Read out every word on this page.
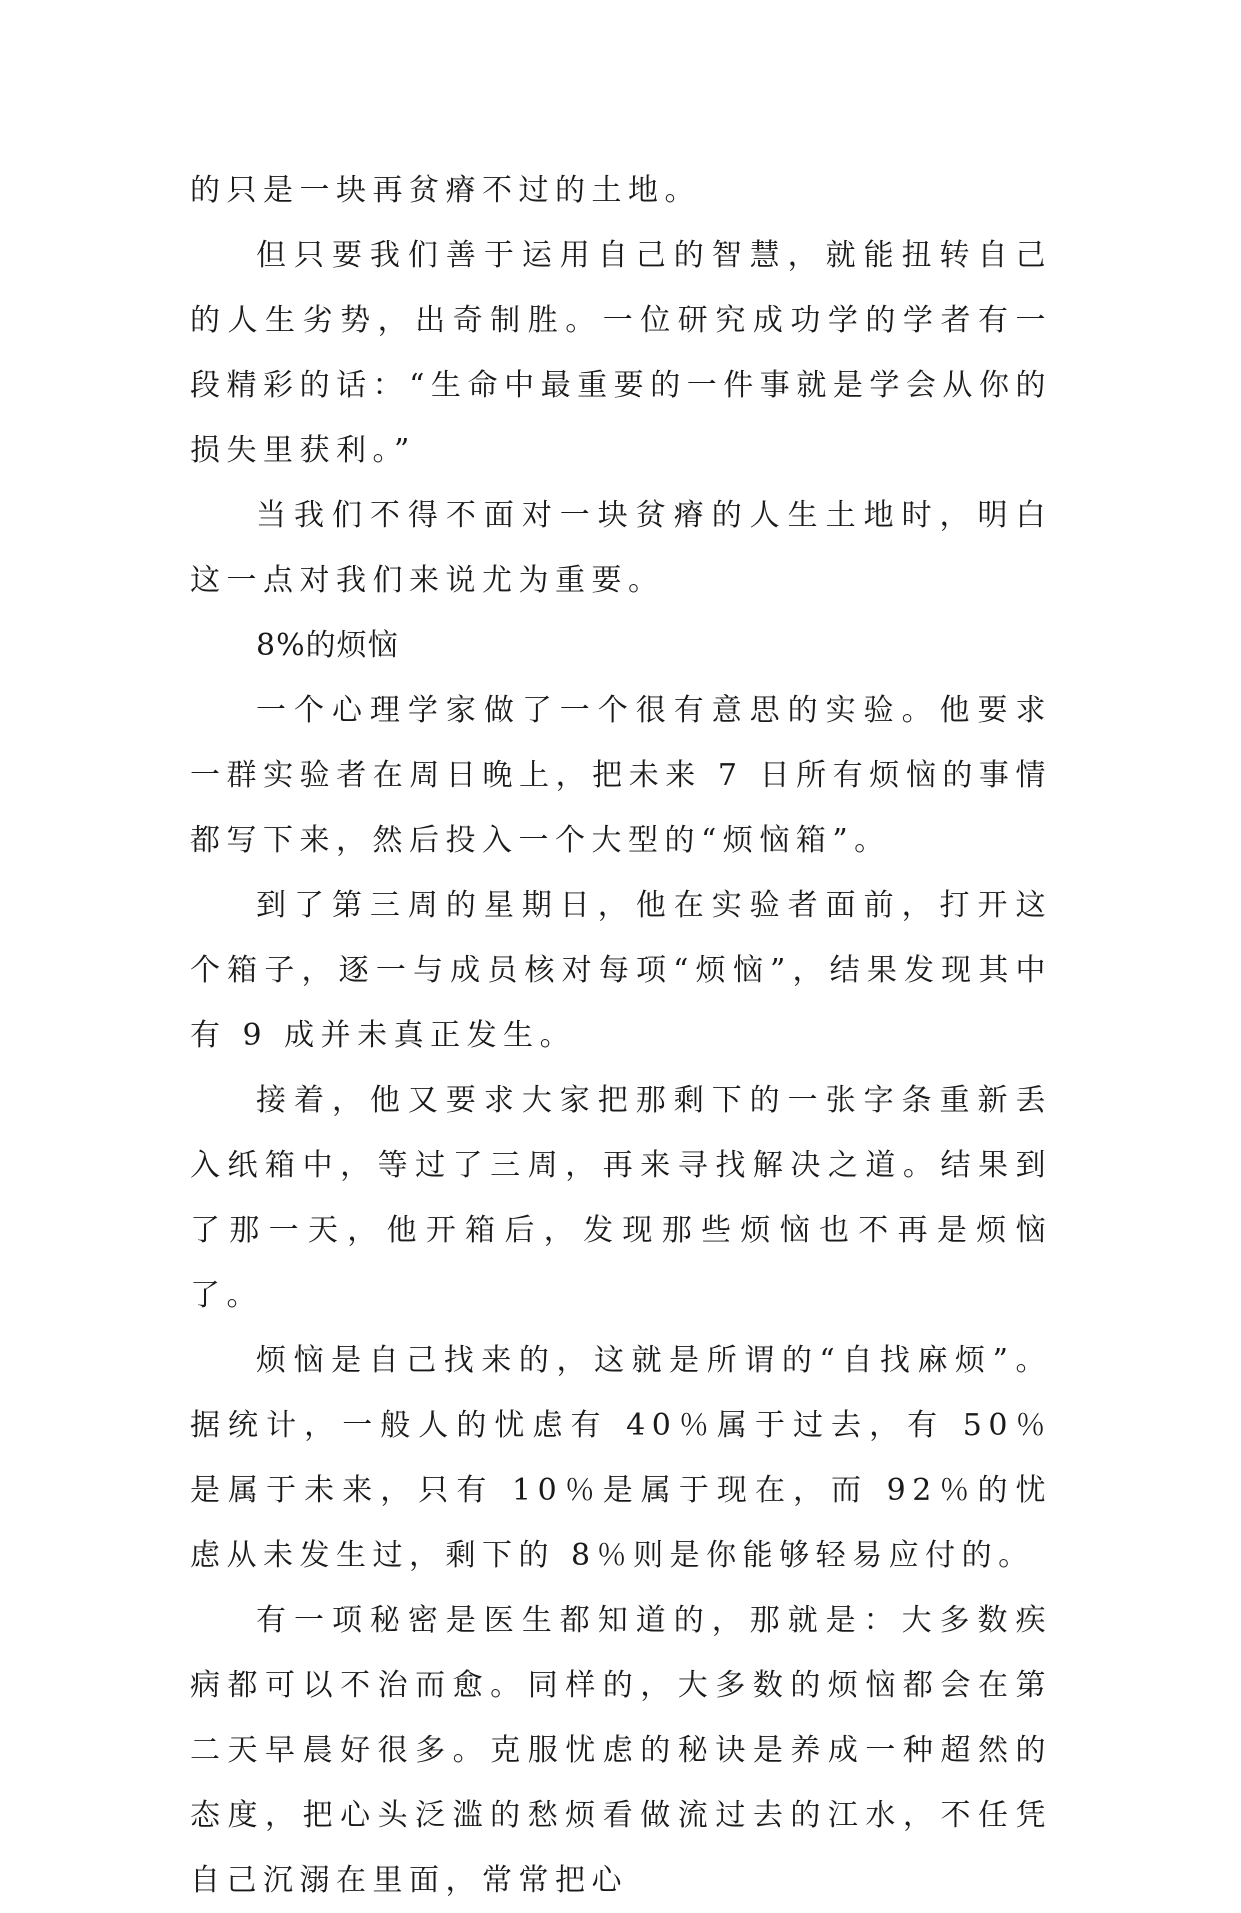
的只是一块再贫瘠不过的土地。

但只要我们善于运用自己的智慧，就能扭转自己的人生劣势，出奇制胜。一位研究成功学的学者有一段精彩的话：“生命中最重要的一件事就是学会从你的损失里获利。”

当我们不得不面对一块贫瘠的人生土地时，明白这一点对我们来说尤为重要。

8%的烦恼

一个心理学家做了一个很有意思的实验。他要求一群实验者在周日晚上，把未来 7 日所有烦恼的事情都写下来，然后投入一个大型的“烦恼箱”。

到了第三周的星期日，他在实验者面前，打开这个箱子，逐一与成员核对每项“烦恼”，结果发现其中有 9 成并未真正发生。

接着，他又要求大家把那剩下的一张字条重新丢入纸箱中，等过了三周，再来寻找解决之道。结果到了那一天，他开箱后，发现那些烦恼也不再是烦恼了。

烦恼是自己找来的，这就是所谓的“自找麻烦”。据统计，一般人的忧虑有 40％属于过去，有 50％是属于未来，只有 10％是属于现在，而 92％的忧虑从未发生过，剩下的 8％则是你能够轻易应付的。

有一项秘密是医生都知道的，那就是：大多数疾病都可以不治而愈。同样的，大多数的烦恼都会在第二天早晨好很多。克服忧虑的秘诀是养成一种超然的态度，把心头泛滥的愁烦看做流过去的江水，不任凭自己沉溺在里面，常常把心
